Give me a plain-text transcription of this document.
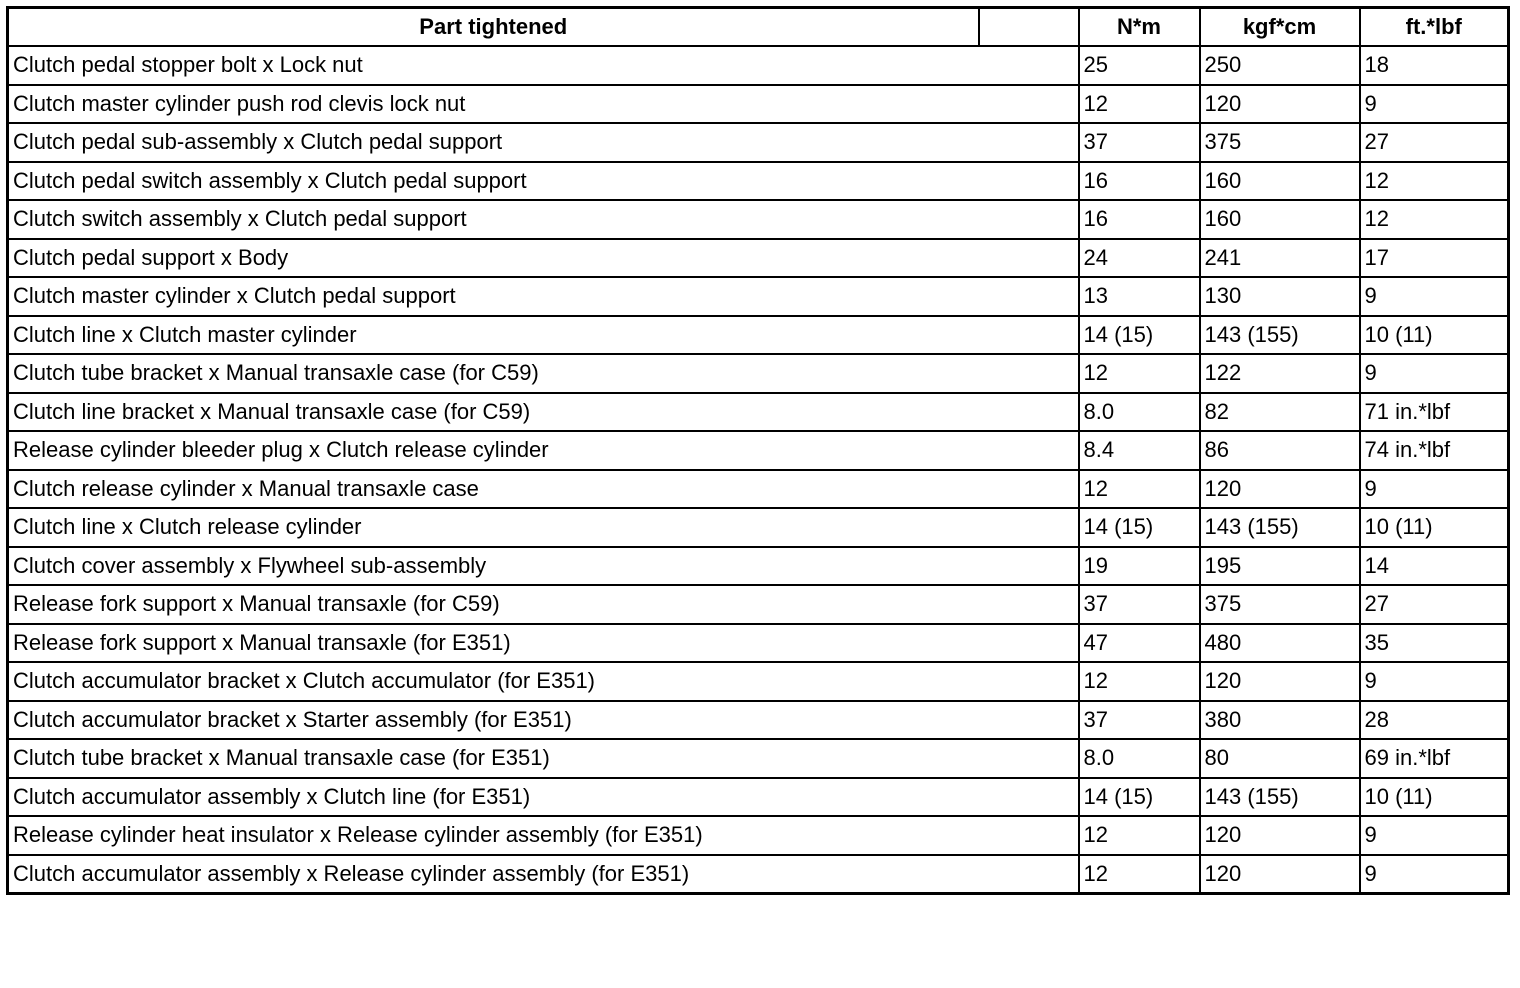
Part tightened		N*m	kgf*cm	ft.*lbf
Clutch pedal stopper bolt x Lock nut		25	250	18
Clutch master cylinder push rod clevis lock nut		12	120	9
Clutch pedal sub-assembly x Clutch pedal support		37	375	27
Clutch pedal switch assembly x Clutch pedal support		16	160	12
Clutch switch assembly x Clutch pedal support		16	160	12
Clutch pedal support x Body		24	241	17
Clutch master cylinder x Clutch pedal support		13	130	9
Clutch line x Clutch master cylinder		14 (15)	143 (155)	10 (11)
Clutch tube bracket x Manual transaxle case (for C59)		12	122	9
Clutch line bracket x Manual transaxle case (for C59)		8.0	82	71 in.*lbf
Release cylinder bleeder plug x Clutch release cylinder		8.4	86	74 in.*lbf
Clutch release cylinder x Manual transaxle case		12	120	9
Clutch line x Clutch release cylinder		14 (15)	143 (155)	10 (11)
Clutch cover assembly x Flywheel sub-assembly		19	195	14
Release fork support x Manual transaxle (for C59)		37	375	27
Release fork support x Manual transaxle (for E351)		47	480	35
Clutch accumulator bracket x Clutch accumulator (for E351)		12	120	9
Clutch accumulator bracket x Starter assembly (for E351)		37	380	28
Clutch tube bracket x Manual transaxle case (for E351)		8.0	80	69 in.*lbf
Clutch accumulator assembly x Clutch line (for E351)		14 (15)	143 (155)	10 (11)
Release cylinder heat insulator x Release cylinder assembly (for E351)		12	120	9
Clutch accumulator assembly x Release cylinder assembly (for E351)		12	120	9
